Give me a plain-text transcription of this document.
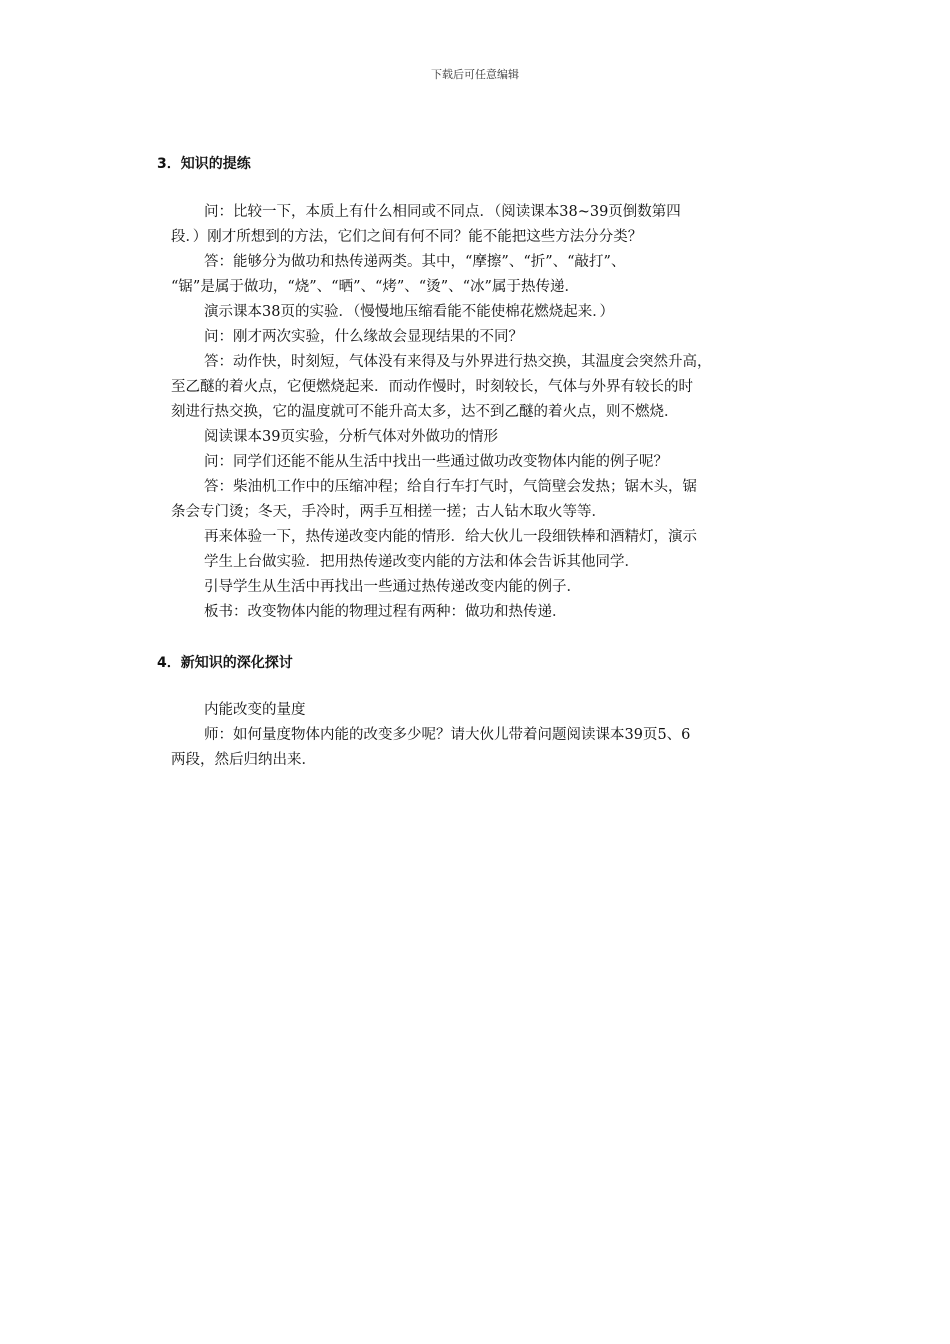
下载后可任意编辑
3．知识的提练
问：比较一下，本质上有什么相同或不同点．（阅读课本38~39页倒数第四
段．）刚才所想到的方法，它们之间有何不同？能不能把这些方法分分类？
答：能够分为做功和热传递两类。其中，“摩擦”、“折”、“敲打”、
“锯”是属于做功，“烧”、“晒”、“烤”、“烫”、“冰”属于热传递．
演示课本38页的实验．（慢慢地压缩看能不能使棉花燃烧起来．）
问：刚才两次实验，什么缘故会显现结果的不同？
答：动作快，时刻短，气体没有来得及与外界进行热交换，其温度会突然升高，
至乙醚的着火点，它便燃烧起来．而动作慢时，时刻较长，气体与外界有较长的时
刻进行热交换，它的温度就可不能升高太多，达不到乙醚的着火点，则不燃烧．
阅读课本39页实验，分析气体对外做功的情形
问：同学们还能不能从生活中找出一些通过做功改变物体内能的例子呢？
答：柴油机工作中的压缩冲程；给自行车打气时，气筒壁会发热；锯木头，锯
条会专门烫；冬天，手冷时，两手互相搓一搓；古人钻木取火等等．
再来体验一下，热传递改变内能的情形．给大伙儿一段细铁棒和酒精灯，演示
学生上台做实验．把用热传递改变内能的方法和体会告诉其他同学．
引导学生从生活中再找出一些通过热传递改变内能的例子．
板书：改变物体内能的物理过程有两种：做功和热传递．
4．新知识的深化探讨
内能改变的量度
师：如何量度物体内能的改变多少呢？请大伙儿带着问题阅读课本39页5、6
两段，然后归纳出来．
